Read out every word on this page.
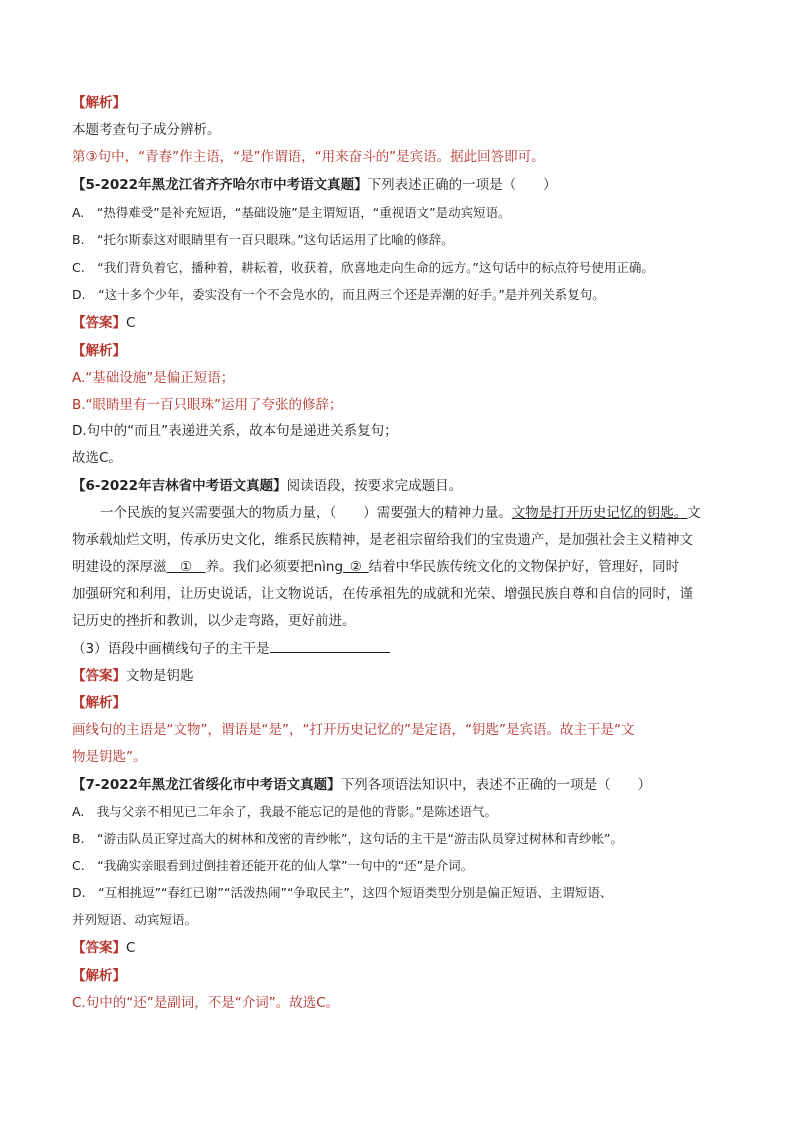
【解析】
本题考查句子成分辨析。
第③句中，“青春”作主语，“是”作谓语，“用来奋斗的”是宾语。据此回答即可。
【5-2022年黑龙江省齐齐哈尔市中考语文真题】下列表述正确的一项是（　　）
A.　“热得难受”是补充短语，“基础设施”是主谓短语，“重视语文”是动宾短语。
B.　“托尔斯泰这对眼睛里有一百只眼珠。”这句话运用了比喻的修辞。
C.　“我们背负着它，播种着，耕耘着，收获着，欣喜地走向生命的远方。”这句话中的标点符号使用正确。
D.　“这十多个少年，委实没有一个不会凫水的，而且两三个还是弄潮的好手。”是并列关系复句。
【答案】C
【解析】
A.“基础设施”是偏正短语；
B.“眼睛里有一百只眼珠”运用了夸张的修辞；
D.句中的“而且”表递进关系，故本句是递进关系复句；
故选C。
【6-2022年吉林省中考语文真题】阅读语段，按要求完成题目。
一个民族的复兴需要强大的物质力量，（　　）需要强大的精神力量。文物是打开历史记忆的钥匙。文
物承载灿烂文明，传承历史文化，维系民族精神，是老祖宗留给我们的宝贵遗产，是加强社会主义精神文
明建设的深厚滋  ①  养。我们必须要把nìng  ②  结着中华民族传统文化的文物保护好，管理好，同时
加强研究和利用，让历史说话，让文物说话，在传承祖先的成就和光荣、增强民族自尊和自信的同时，谨
记历史的挫折和教训，以少走弯路，更好前进。
（3）语段中画横线句子的主干是
【答案】文物是钥匙
【解析】
画线句的主语是“文物”，谓语是“是”，“打开历史记忆的”是定语，“钥匙”是宾语。故主干是“文
物是钥匙”。
【7-2022年黑龙江省绥化市中考语文真题】下列各项语法知识中，表述不正确的一项是（　　）
A.　我与父亲不相见已二年余了，我最不能忘记的是他的背影。”是陈述语气。
B.　“游击队员正穿过高大的树林和茂密的青纱帐”，这句话的主干是“游击队员穿过树林和青纱帐”。
C.　“我确实亲眼看到过倒挂着还能开花的仙人掌”一句中的“还”是介词。
D.　“互相挑逗”“春红已谢”“活泼热闹”“争取民主”，这四个短语类型分别是偏正短语、主谓短语、
并列短语、动宾短语。
【答案】C
【解析】
C.句中的“还”是副词，不是“介词”。故选C。
